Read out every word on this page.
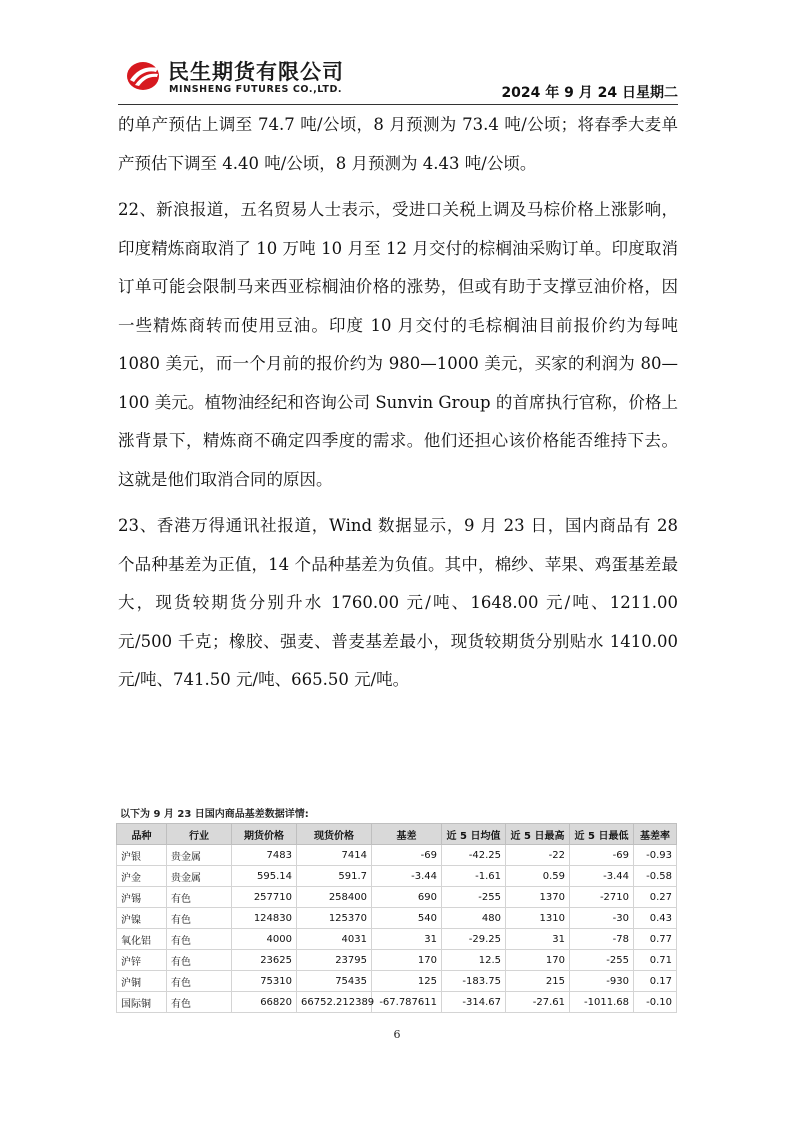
民生期货有限公司
MINSHENG FUTURES CO.,LTD.	2024 年 9 月 24 日星期二

的单产预估上调至 74.7 吨/公顷，8 月预测为 73.4 吨/公顷；将春季大麦单产预估下调至 4.40 吨/公顷，8 月预测为 4.43 吨/公顷。

22、新浪报道，五名贸易人士表示，受进口关税上调及马棕价格上涨影响，印度精炼商取消了 10 万吨 10 月至 12 月交付的棕榈油采购订单。印度取消订单可能会限制马来西亚棕榈油价格的涨势，但或有助于支撑豆油价格，因一些精炼商转而使用豆油。印度 10 月交付的毛棕榈油目前报价约为每吨 1080 美元，而一个月前的报价约为 980—1000 美元，买家的利润为 80—100 美元。植物油经纪和咨询公司 Sunvin Group 的首席执行官称，价格上涨背景下，精炼商不确定四季度的需求。他们还担心该价格能否维持下去。这就是他们取消合同的原因。

23、香港万得通讯社报道，Wind 数据显示，9 月 23 日，国内商品有 28 个品种基差为正值，14 个品种基差为负值。其中，棉纱、苹果、鸡蛋基差最大，现货较期货分别升水 1760.00 元/吨、1648.00 元/吨、1211.00 元/500 千克；橡胶、强麦、普麦基差最小，现货较期货分别贴水 1410.00 元/吨、741.50 元/吨、665.50 元/吨。

以下为 9 月 23 日国内商品基差数据详情:
品种	行业	期货价格	现货价格	基差	近 5 日均值	近 5 日最高	近 5 日最低	基差率
沪银	贵金属	7483	7414	-69	-42.25	-22	-69	-0.93
沪金	贵金属	595.14	591.7	-3.44	-1.61	0.59	-3.44	-0.58
沪锡	有色	257710	258400	690	-255	1370	-2710	0.27
沪镍	有色	124830	125370	540	480	1310	-30	0.43
氧化铝	有色	4000	4031	31	-29.25	31	-78	0.77
沪锌	有色	23625	23795	170	12.5	170	-255	0.71
沪铜	有色	75310	75435	125	-183.75	215	-930	0.17
国际铜	有色	66820	66752.212389	-67.787611	-314.67	-27.61	-1011.68	-0.10
6
